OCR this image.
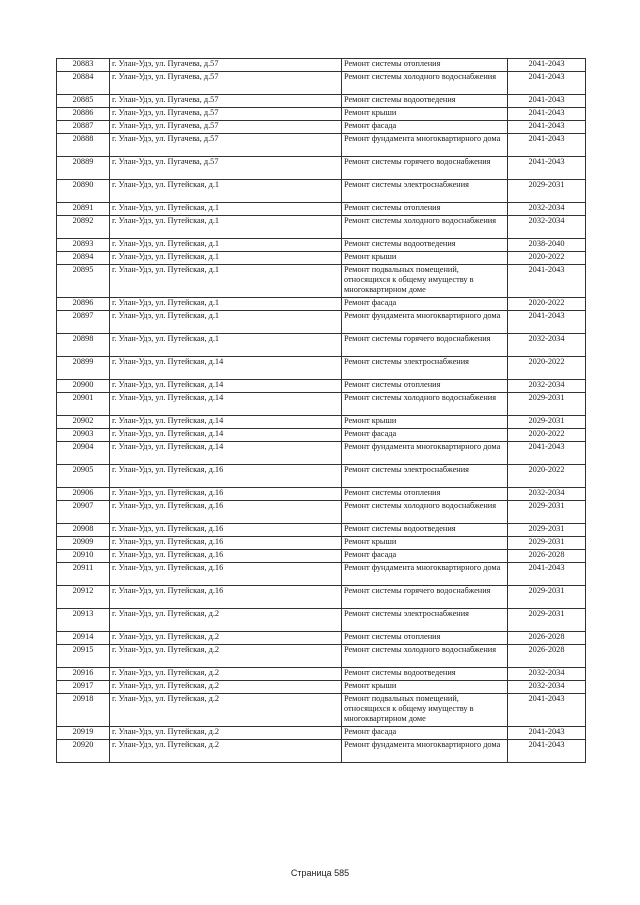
20883	г. Улан-Удэ, ул. Пугачева, д.57	Ремонт системы отопления	2041-2043
20884	г. Улан-Удэ, ул. Пугачева, д.57	Ремонт системы холодного водоснабжения	2041-2043
20885	г. Улан-Удэ, ул. Пугачева, д.57	Ремонт системы водоотведения	2041-2043
20886	г. Улан-Удэ, ул. Пугачева, д.57	Ремонт крыши	2041-2043
20887	г. Улан-Удэ, ул. Пугачева, д.57	Ремонт фасада	2041-2043
20888	г. Улан-Удэ, ул. Пугачева, д.57	Ремонт фундамента многоквартирного дома	2041-2043
20889	г. Улан-Удэ, ул. Пугачева, д.57	Ремонт системы горячего водоснабжения	2041-2043
20890	г. Улан-Удэ, ул. Путейская, д.1	Ремонт системы электроснабжения	2029-2031
20891	г. Улан-Удэ, ул. Путейская, д.1	Ремонт системы отопления	2032-2034
20892	г. Улан-Удэ, ул. Путейская, д.1	Ремонт системы холодного водоснабжения	2032-2034
20893	г. Улан-Удэ, ул. Путейская, д.1	Ремонт системы водоотведения	2038-2040
20894	г. Улан-Удэ, ул. Путейская, д.1	Ремонт крыши	2020-2022
20895	г. Улан-Удэ, ул. Путейская, д.1	Ремонт подвальных помещений, относящихся к общему имуществу в многоквартирном доме	2041-2043
20896	г. Улан-Удэ, ул. Путейская, д.1	Ремонт фасада	2020-2022
20897	г. Улан-Удэ, ул. Путейская, д.1	Ремонт фундамента многоквартирного дома	2041-2043
20898	г. Улан-Удэ, ул. Путейская, д.1	Ремонт системы горячего водоснабжения	2032-2034
20899	г. Улан-Удэ, ул. Путейская, д.14	Ремонт системы электроснабжения	2020-2022
20900	г. Улан-Удэ, ул. Путейская, д.14	Ремонт системы отопления	2032-2034
20901	г. Улан-Удэ, ул. Путейская, д.14	Ремонт системы холодного водоснабжения	2029-2031
20902	г. Улан-Удэ, ул. Путейская, д.14	Ремонт крыши	2029-2031
20903	г. Улан-Удэ, ул. Путейская, д.14	Ремонт фасада	2020-2022
20904	г. Улан-Удэ, ул. Путейская, д.14	Ремонт фундамента многоквартирного дома	2041-2043
20905	г. Улан-Удэ, ул. Путейская, д.16	Ремонт системы электроснабжения	2020-2022
20906	г. Улан-Удэ, ул. Путейская, д.16	Ремонт системы отопления	2032-2034
20907	г. Улан-Удэ, ул. Путейская, д.16	Ремонт системы холодного водоснабжения	2029-2031
20908	г. Улан-Удэ, ул. Путейская, д.16	Ремонт системы водоотведения	2029-2031
20909	г. Улан-Удэ, ул. Путейская, д.16	Ремонт крыши	2029-2031
20910	г. Улан-Удэ, ул. Путейская, д.16	Ремонт фасада	2026-2028
20911	г. Улан-Удэ, ул. Путейская, д.16	Ремонт фундамента многоквартирного дома	2041-2043
20912	г. Улан-Удэ, ул. Путейская, д.16	Ремонт системы горячего водоснабжения	2029-2031
20913	г. Улан-Удэ, ул. Путейская, д.2	Ремонт системы электроснабжения	2029-2031
20914	г. Улан-Удэ, ул. Путейская, д.2	Ремонт системы отопления	2026-2028
20915	г. Улан-Удэ, ул. Путейская, д.2	Ремонт системы холодного водоснабжения	2026-2028
20916	г. Улан-Удэ, ул. Путейская, д.2	Ремонт системы водоотведения	2032-2034
20917	г. Улан-Удэ, ул. Путейская, д.2	Ремонт крыши	2032-2034
20918	г. Улан-Удэ, ул. Путейская, д.2	Ремонт подвальных помещений, относящихся к общему имуществу в многоквартирном доме	2041-2043
20919	г. Улан-Удэ, ул. Путейская, д.2	Ремонт фасада	2041-2043
20920	г. Улан-Удэ, ул. Путейская, д.2	Ремонт фундамента многоквартирного дома	2041-2043
Страница 585
